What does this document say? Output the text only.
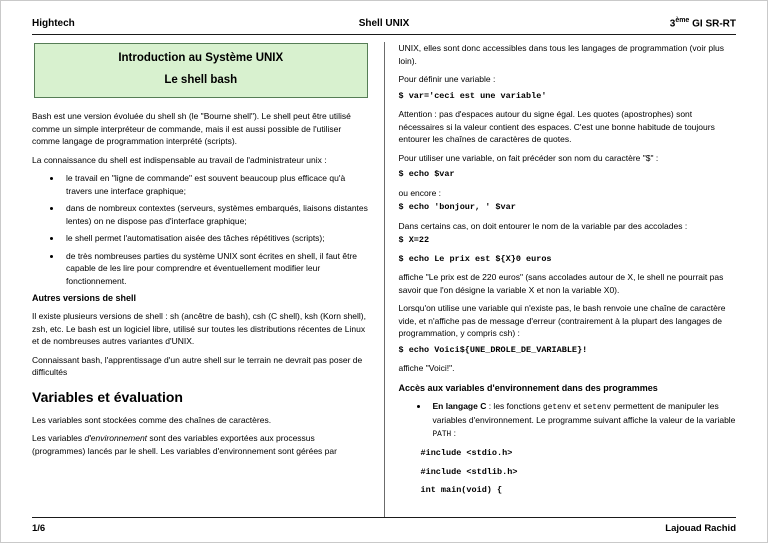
Hightech	Shell UNIX	3ème GI SR-RT
Introduction au Système UNIX
Le shell bash

Bash est une version évoluée du shell sh (le "Bourne shell"). Le shell peut être utilisé comme un simple interpréteur de commande, mais il est aussi possible de l'utiliser comme langage de programmation interprété (scripts).

La connaissance du shell est indispensable au travail de l'administrateur unix :

• le travail en "ligne de commande" est souvent beaucoup plus efficace qu'à travers une interface graphique;
• dans de nombreux contextes (serveurs, systèmes embarqués, liaisons distantes lentes) on ne dispose pas d'interface graphique;
• le shell permet l'automatisation aisée des tâches répétitives (scripts);
• de très nombreuses parties du système UNIX sont écrites en shell, il faut être capable de les lire pour comprendre et éventuellement modifier leur fonctionnement.
Autres versions de shell

Il existe plusieurs versions de shell : sh (ancêtre de bash), csh (C shell), ksh (Korn shell), zsh, etc. Le bash est un logiciel libre, utilisé sur toutes les distributions récentes de Linux et de nombreuses autres variantes d'UNIX.

Connaissant bash, l'apprentissage d'un autre shell sur le terrain ne devrait pas poser de difficultés

Variables et évaluation

Les variables sont stockées comme des chaînes de caractères.

Les variables d'environnement sont des variables exportées aux processus (programmes) lancés par le shell. Les variables d'environnement sont gérées par

UNIX, elles sont donc accessibles dans tous les langages de programmation (voir plus loin).

Pour définir une variable :

$ var='ceci est une variable'

Attention : pas d'espaces autour du signe égal. Les quotes (apostrophes) sont nécessaires si la valeur contient des espaces. C'est une bonne habitude de toujours entourer les chaînes de caractères de quotes.

Pour utiliser une variable, on fait précéder son nom du caractère "$" :

$ echo $var

ou encore :

$ echo 'bonjour, ' $var

Dans certains cas, on doit entourer le nom de la variable par des accolades :

$ X=22
$ echo Le prix est ${X}0 euros

affiche "Le prix est de 220 euros" (sans accolades autour de X, le shell ne pourrait pas savoir que l'on désigne la variable X et non la variable X0).

Lorsqu'on utilise une variable qui n'existe pas, le bash renvoie une chaîne de caractère vide, et n'affiche pas de message d'erreur (contrairement à la plupart des langages de programmation, y compris csh) :

$ echo Voici${UNE_DROLE_DE_VARIABLE}!

affiche "Voici!".

Accès aux variables d'environnement dans des programmes
• En langage C : les fonctions getenv et setenv permettent de manipuler les variables d'environnement. Le programme suivant affiche la valeur de la variable PATH :
#include <stdio.h>
#include <stdlib.h>
int main(void) {
1/6	Lajouad Rachid
